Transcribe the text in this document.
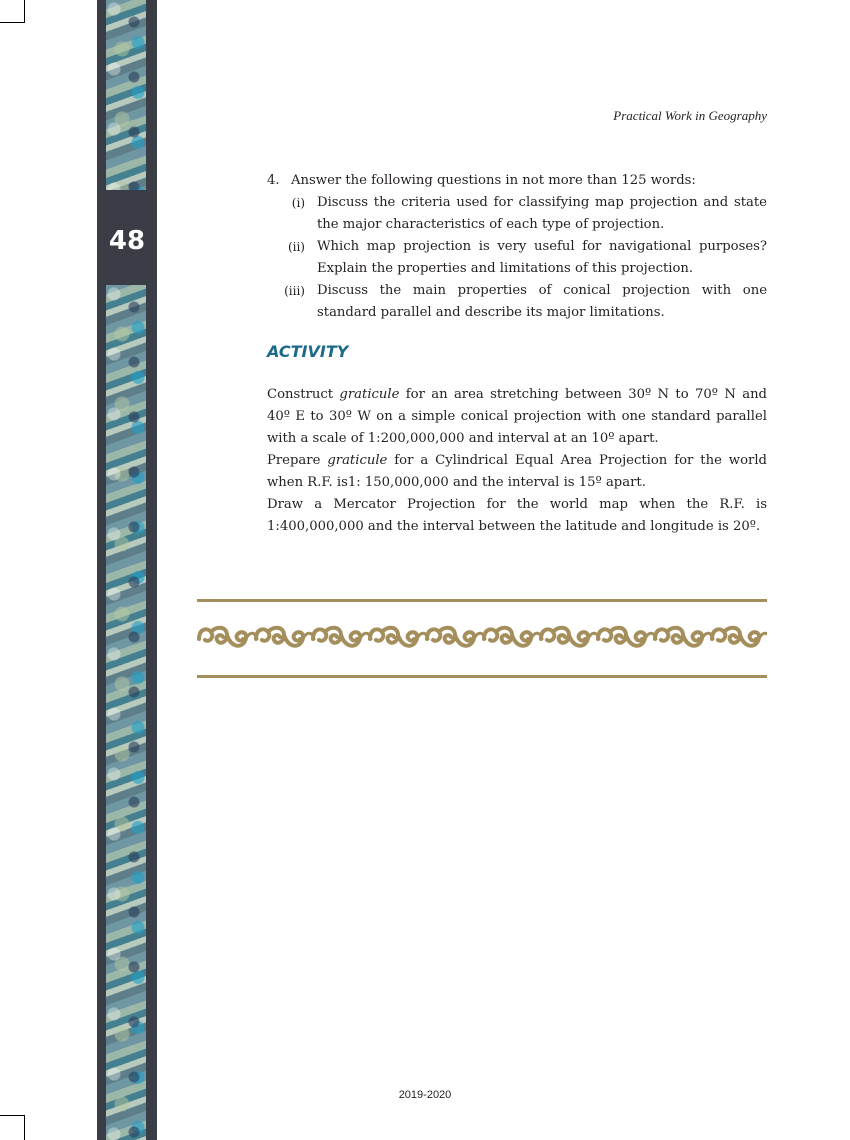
48
Practical Work in Geography

4. Answer the following questions in not more than 125 words:

(i) Discuss the criteria used for classifying map projection and state the major characteristics of each type of projection.
(ii) Which map projection is very useful for navigational purposes? Explain the properties and limitations of this projection.
(iii) Discuss the main properties of conical projection with one standard parallel and describe its major limitations.
ACTIVITY

Construct graticule for an area stretching between 30º N to 70º N and 40º E to 30º W on a simple conical projection with one standard parallel with a scale of 1:200,000,000 and interval at an 10º apart.

Prepare graticule for a Cylindrical Equal Area Projection for the world when R.F. is1: 150,000,000 and the interval is 15º apart.

Draw a Mercator Projection for the world map when the R.F. is 1:400,000,000 and the interval between the latitude and longitude is 20º.

2019-2020
